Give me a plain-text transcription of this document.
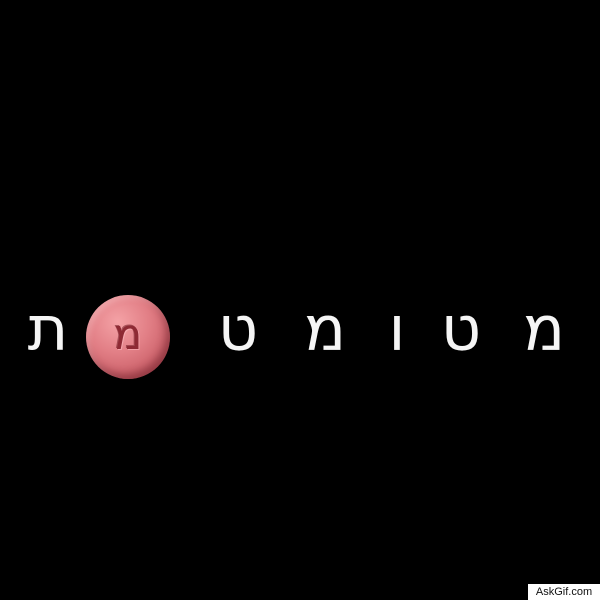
מ
ט
ו
מ
ט
מ
ת
AskGif.com
